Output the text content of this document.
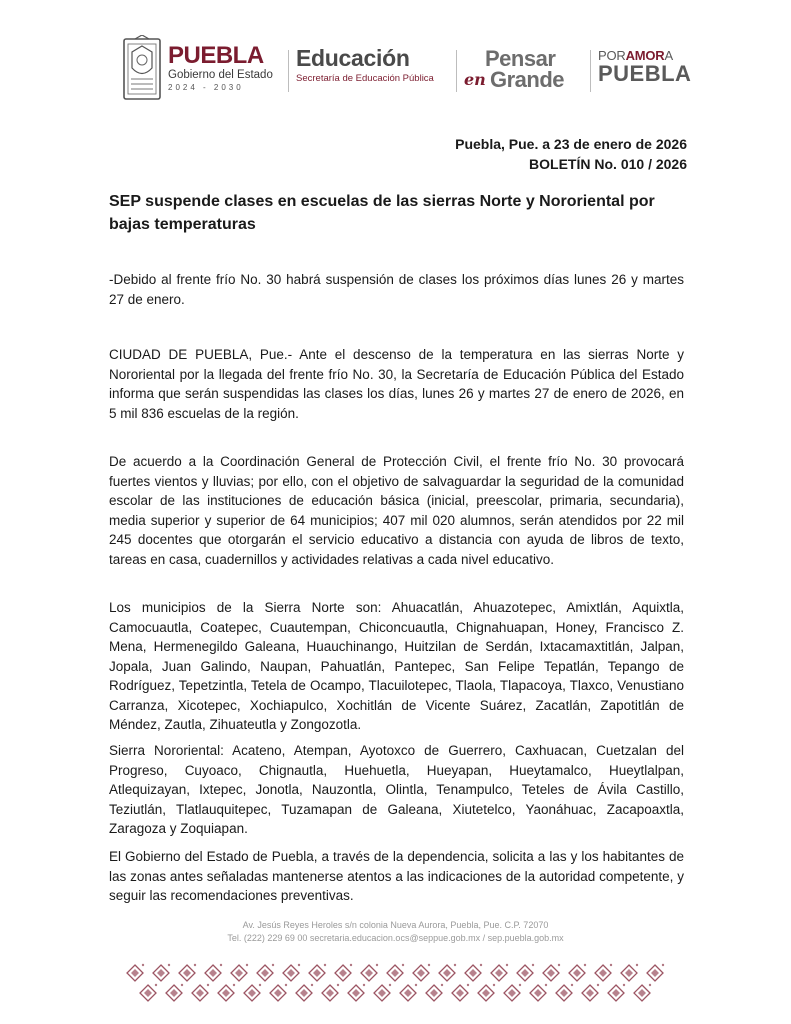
PUEBLA
Gobierno del Estado
2024 - 2030
Educación
Secretaría de Educación Pública
Pensar
en Grande
PORAMORA
PUEBLA
Puebla, Pue. a 23 de enero de 2026
BOLETÍN No. 010 / 2026
SEP suspende clases en escuelas de las sierras Norte y Nororiental por bajas temperaturas

-Debido al frente frío No. 30 habrá suspensión de clases los próximos días lunes 26 y martes 27 de enero.

CIUDAD DE PUEBLA, Pue.- Ante el descenso de la temperatura en las sierras Norte y Nororiental por la llegada del frente frío No. 30, la Secretaría de Educación Pública del Estado informa que serán suspendidas las clases los días, lunes 26 y martes 27 de enero de 2026, en 5 mil 836 escuelas de la región.

De acuerdo a la Coordinación General de Protección Civil, el frente frío No. 30 provocará fuertes vientos y lluvias; por ello, con el objetivo de salvaguardar la seguridad de la comunidad escolar de las instituciones de educación básica (inicial, preescolar, primaria, secundaria), media superior y superior de 64 municipios; 407 mil 020 alumnos, serán atendidos por 22 mil 245 docentes que otorgarán el servicio educativo a distancia con ayuda de libros de texto, tareas en casa, cuadernillos y actividades relativas a cada nivel educativo.

Los municipios de la Sierra Norte son: Ahuacatlán, Ahuazotepec, Amixtlán, Aquixtla, Camocuautla, Coatepec, Cuautempan, Chiconcuautla, Chignahuapan, Honey, Francisco Z. Mena, Hermenegildo Galeana, Huauchinango, Huitzilan de Serdán, Ixtacamaxtitlán, Jalpan, Jopala, Juan Galindo, Naupan, Pahuatlán, Pantepec, San Felipe Tepatlán, Tepango de Rodríguez, Tepetzintla, Tetela de Ocampo, Tlacuilotepec, Tlaola, Tlapacoya, Tlaxco, Venustiano Carranza, Xicotepec, Xochiapulco, Xochitlán de Vicente Suárez, Zacatlán, Zapotitlán de Méndez, Zautla, Zihuateutla y Zongozotla.

Sierra Nororiental: Acateno, Atempan, Ayotoxco de Guerrero, Caxhuacan, Cuetzalan del Progreso, Cuyoaco, Chignautla, Huehuetla, Hueyapan, Hueytamalco, Hueytlalpan, Atlequizayan, Ixtepec, Jonotla, Nauzontla, Olintla, Tenampulco, Teteles de Ávila Castillo, Teziutlán, Tlatlauquitepec, Tuzamapan de Galeana, Xiutetelco, Yaonáhuac, Zacapoaxtla, Zaragoza y Zoquiapan.

El Gobierno del Estado de Puebla, a través de la dependencia, solicita a las y los habitantes de las zonas antes señaladas mantenerse atentos a las indicaciones de la autoridad competente, y seguir las recomendaciones preventivas.

Av. Jesús Reyes Heroles s/n colonia Nueva Aurora, Puebla, Pue. C.P. 72070
Tel. (222) 229 69 00 secretaria.educacion.ocs@seppue.gob.mx / sep.puebla.gob.mx
